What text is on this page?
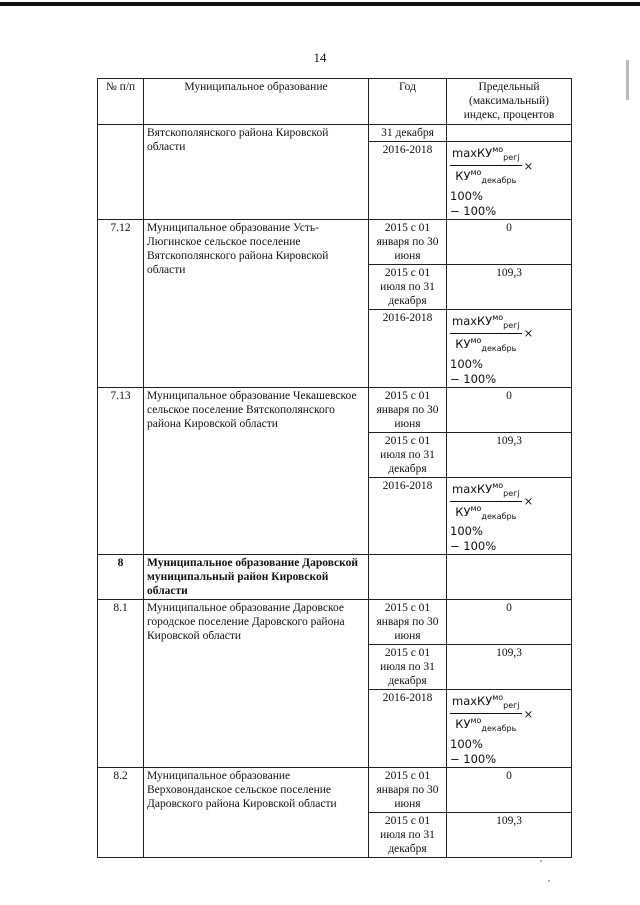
14
№ п/п	Муниципальное образование	Год	Предельный (максимальный) индекс, процентов
	Вятскополянского района Кировской области	31 декабря	
		2016-2018	$\frac{\max КУ^{мо}_{регj}}{КУ^{мо}_{декабрь}} \times 100\%$
− 100%

7.12	Муниципальное образование Усть-Люгинское сельское поселение Вятскополянского района Кировской области	2015 с 01 января по 30 июня	0
		2015 с 01 июля по 31 декабря	109,3
		2016-2018	$\frac{\max КУ^{мо}_{регj}}{КУ^{мо}_{декабрь}} \times 100\%$
− 100%

7.13	Муниципальное образование Чекашевское сельское поселение Вятскополянского района Кировской области	2015 с 01 января по 30 июня	0
		2015 с 01 июля по 31 декабря	109,3
		2016-2018	$\frac{\max КУ^{мо}_{регj}}{КУ^{мо}_{декабрь}} \times 100\%$
− 100%

8	Муниципальное образование Даровской муниципальный район Кировской области		
8.1	Муниципальное образование Даровское городское поселение Даровского района Кировской области	2015 с 01 января по 30 июня	0
		2015 с 01 июля по 31 декабря	109,3
		2016-2018	$\frac{\max КУ^{мо}_{регj}}{КУ^{мо}_{декабрь}} \times 100\%$
− 100%

8.2	Муниципальное образование Верховонданское сельское поселение Даровского района Кировской области	2015 с 01 января по 30 июня	0
		2015 с 01 июля по 31 декабря	109,3
